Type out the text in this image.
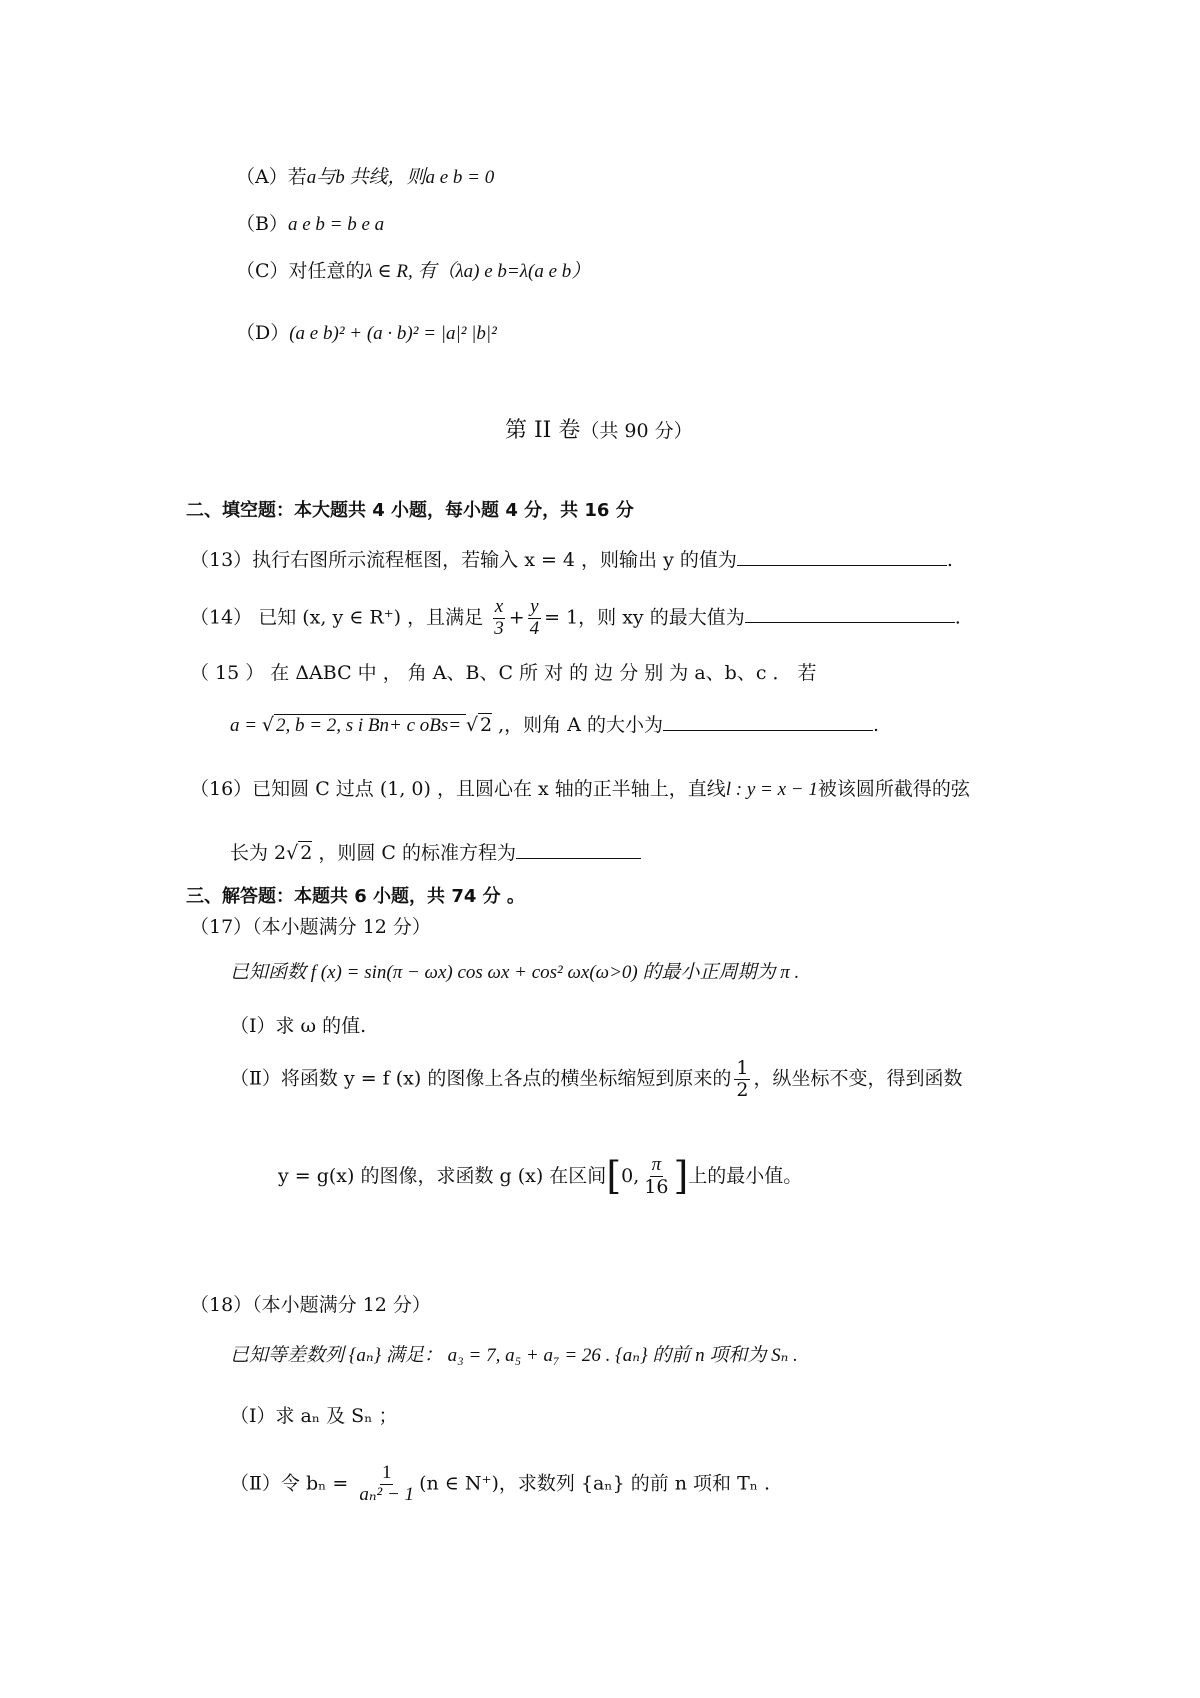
（A）若a与b 共线，则a e b = 0
（B）a e b = b e a
（C）对任意的λ ∈ R, 有（λa) e b=λ(a e b）
（D）(a e b)² + (a · b)² = |a|² |b|²
第 II 卷（共 90 分）
二、填空题：本大题共 4 小题，每小题 4 分，共 16 分
（13）执行右图所示流程框图，若输入 x = 4 ，则输出 y 的值为	.
（14） 已知 (x, y ∈ R⁺) ，且满足 $\frac{x}{3} + \frac{y}{4} = 1$，则 xy 的最大值为	.
（ 15 ） 在 ΔABC 中 ， 角 A、B、C 所 对 的 边 分 别 为 a、b、c ． 若
a = √ 2, b = 2, s i Bn+ c oBs= √ 2 ,，则角 A 的大小为	.
（16）已知圆 C 过点 (1, 0) ，且圆心在 x 轴的正半轴上，直线l : y = x − 1被该圆所截得的弦
长为 2√ 2 ，则圆 C 的标准方程为
三、解答题：本题共 6 小题，共 74 分 。
（17）（本小题满分 12 分）
已知函数 f (x) = sin(π − ωx) cos ωx + cos² ωx(ω>0) 的最小正周期为 π .
（Ⅰ）求 ω 的值.
（Ⅱ）将函数 y = f (x) 的图像上各点的横坐标缩短到原来的 $\frac{1}{2}$ ，纵坐标不变，得到函数
y = g(x) 的图像，求函数 g (x) 在区间[0, $\frac{\pi}{16}$ ]上的最小值。
（18）（本小题满分 12 分）
已知等差数列 {aₙ} 满足： a₃ = 7, a₅ + a₇ = 26 . {aₙ} 的前 n 项和为 Sₙ .
（Ⅰ）求 aₙ 及 Sₙ ；
（Ⅱ）令 $b_n = \frac{1}{\text{aₙ² − 1}} (n$ ∈ N⁺)，求数列 {aₙ} 的前 n 项和 Tₙ .
